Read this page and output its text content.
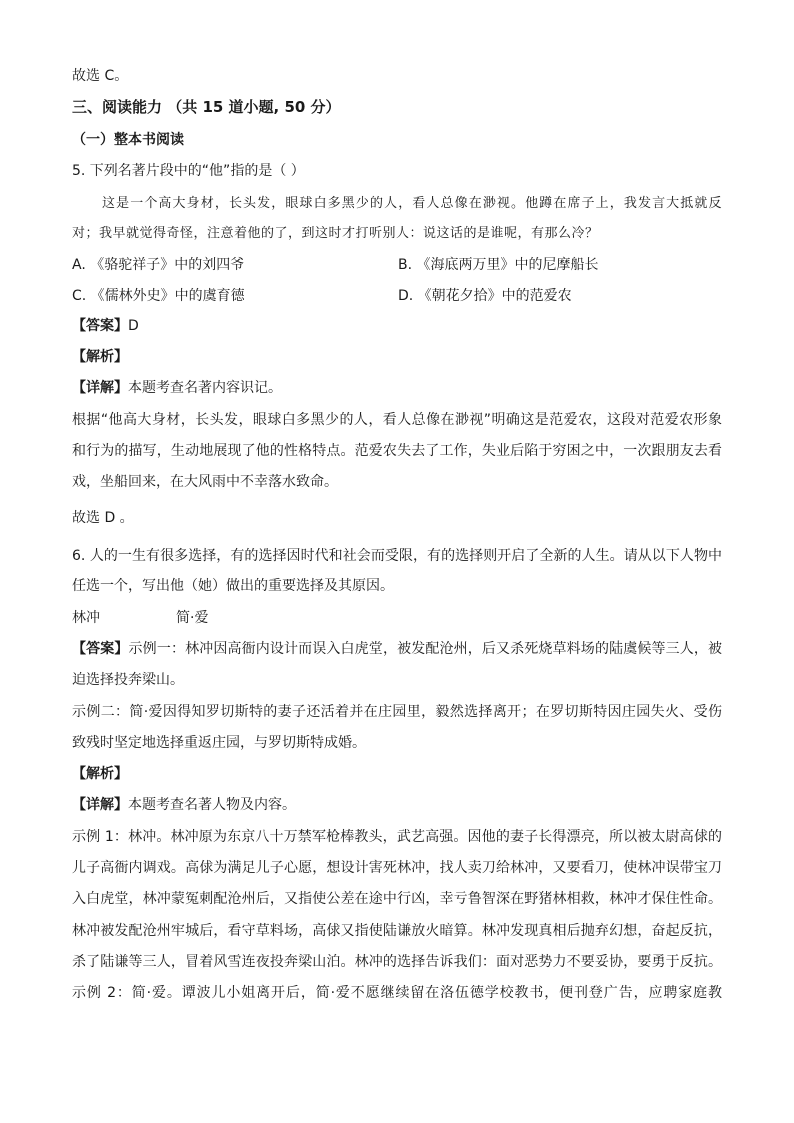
故选 C。

三、阅读能力 （共 15 道小题, 50 分）

（一）整本书阅读

5. 下列名著片段中的“他”指的是（ ）

这是一个高大身材，长头发，眼球白多黑少的人，看人总像在渺视。他蹲在席子上，我发言大抵就反

对；我早就觉得奇怪，注意着他的了，到这时才打听别人：说这话的是谁呢，有那么冷？

A. 《骆驼祥子》中的刘四爷	B. 《海底两万里》中的尼摩船长

C. 《儒林外史》中的虞育德	D. 《朝花夕拾》中的范爱农

【答案】D

【解析】

【详解】本题考查名著内容识记。

根据“他高大身材，长头发，眼球白多黑少的人，看人总像在渺视”明确这是范爱农，这段对范爱农形象

和行为的描写，生动地展现了他的性格特点。范爱农失去了工作，失业后陷于穷困之中，一次跟朋友去看

戏，坐船回来，在大风雨中不幸落水致命。

故选 D 。

6. 人的一生有很多选择，有的选择因时代和社会而受限，有的选择则开启了全新的人生。请从以下人物中

任选一个，写出他（她）做出的重要选择及其原因。

林冲	简·爱

【答案】示例一：林冲因高衙内设计而误入白虎堂，被发配沧州，后又杀死烧草料场的陆虞候等三人，被

迫选择投奔梁山。

示例二：简·爱因得知罗切斯特的妻子还活着并在庄园里，毅然选择离开；在罗切斯特因庄园失火、受伤

致残时坚定地选择重返庄园，与罗切斯特成婚。

【解析】

【详解】本题考查名著人物及内容。

示例 1：林冲。林冲原为东京八十万禁军枪棒教头，武艺高强。因他的妻子长得漂亮，所以被太尉高俅的

儿子高衙内调戏。高俅为满足儿子心愿，想设计害死林冲，找人卖刀给林冲，又要看刀，使林冲误带宝刀

入白虎堂，林冲蒙冤刺配沧州后，又指使公差在途中行凶，幸亏鲁智深在野猪林相救，林冲才保住性命。

林冲被发配沧州牢城后，看守草料场，高俅又指使陆谦放火暗算。林冲发现真相后抛弃幻想，奋起反抗，

杀了陆谦等三人，冒着风雪连夜投奔梁山泊。林冲的选择告诉我们：面对恶势力不要妥协，要勇于反抗。

示例 2：简·爱。谭波儿小姐离开后，简·爱不愿继续留在洛伍德学校教书，便刊登广告，应聘家庭教
